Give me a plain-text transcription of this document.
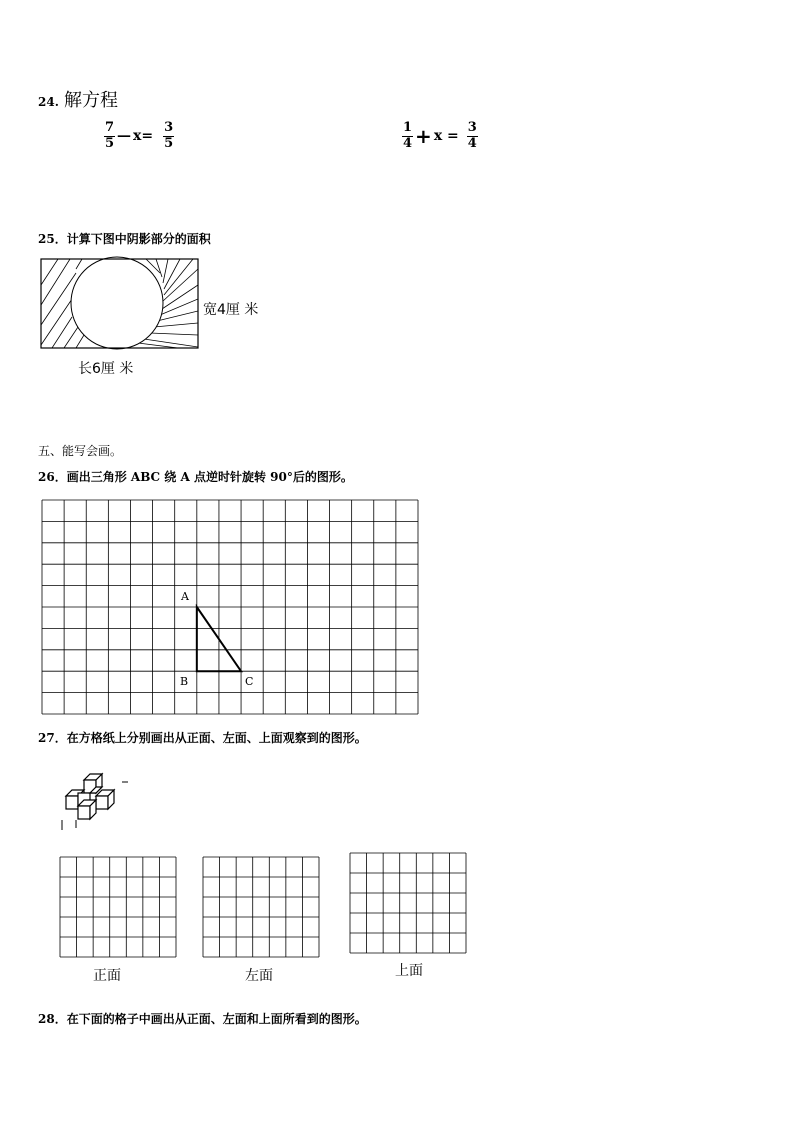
24. 解方程
$\frac{7}{5}$ — $x= \frac{3}{5}$	$\frac{1}{4} + x = \frac{3}{4}$
25．计算下图中阴影部分的面积
宽4厘 米
长6厘 米
五、能写会画。
26．画出三角形 ABC 绕 A 点逆时针旋转 90°后的图形。
A
B	C
27．在方格纸上分别画出从正面、左面、上面观察到的图形。
正面	左面	上面
28．在下面的格子中画出从正面、左面和上面所看到的图形。
